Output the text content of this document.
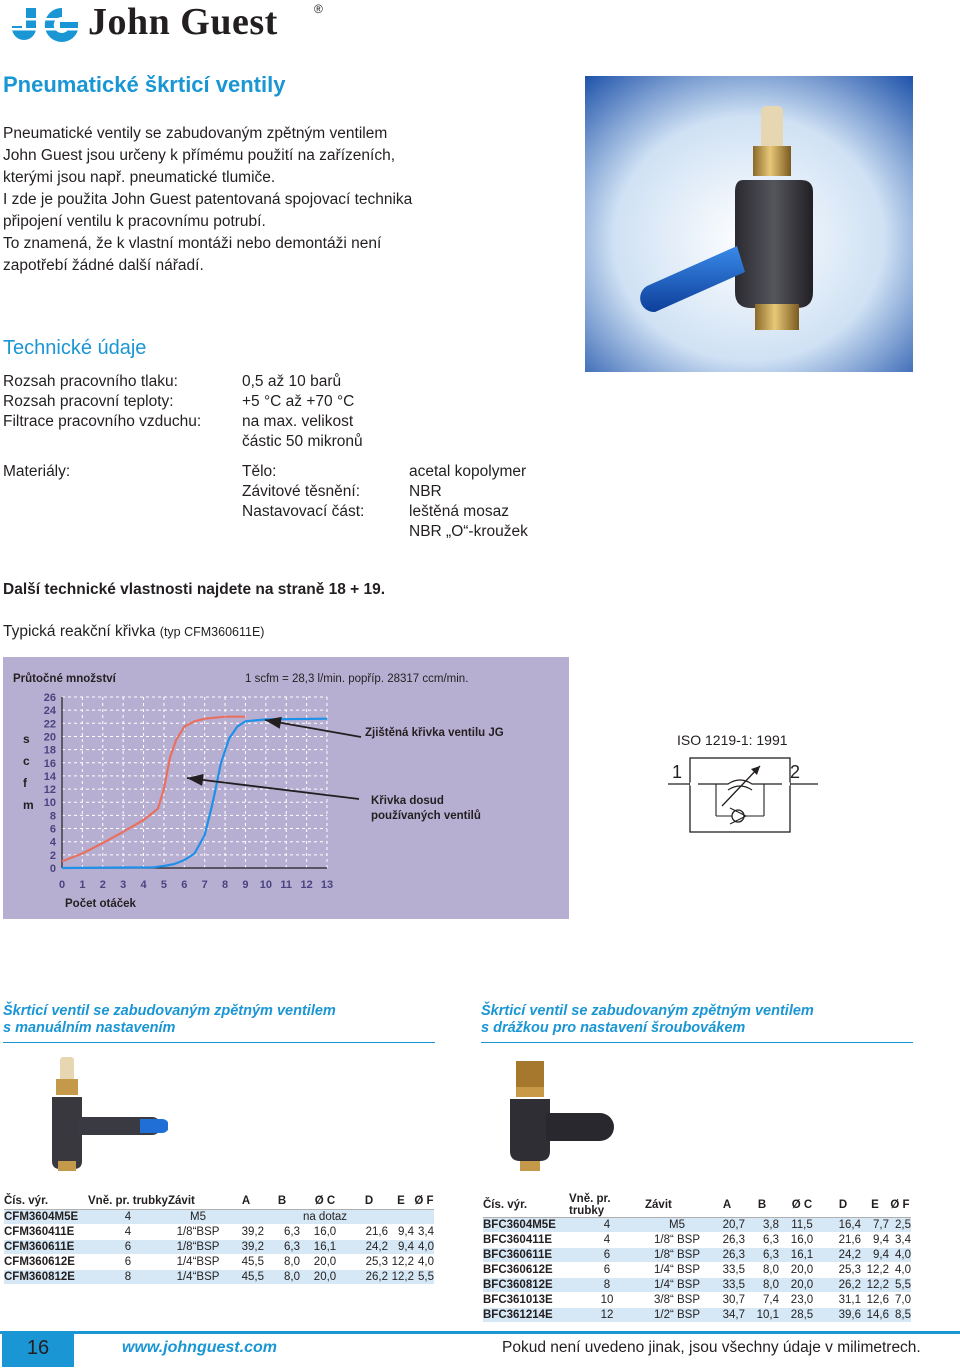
John Guest	®
Pneumatické škrticí ventily

Pneumatické ventily se zabudovaným zpětným ventilem

John Guest jsou určeny k přímému použití na zařízeních,

kterými jsou např. pneumatické tlumiče.

I zde je použita John Guest patentovaná spojovací technika

připojení ventilu k pracovnímu potrubí.

To znamená, že k vlastní montáži nebo demontáži není

zapotřebí žádné další nářadí.

Technické údaje
Rozsah pracovního tlaku:	0,5 až 10 barů
Rozsah pracovní teploty:	+5 °C až +70 °C
Filtrace pracovního vzduchu:	na max. velikost
částic 50 mikronů
Materiály:	Tělo:	acetal kopolymer
Závitové těsnění:	NBR
Nastavovací část:	leštěná mosaz
NBR „O“-kroužek
Další technické vlastnosti najdete na straně 18 + 19.
Typická reakční křivka (typ CFM360611E)
0
2
4
6
8
10
12
14
16
18
20
22
24
26
0 1 2 3 4 5 6 7 8 9 10 11 12 13
Průtočné množství	1 scfm = 28,3 l/min. popříp. 28317 ccm/min.
Počet otáček
s
c
f
m
Zjištěná křivka ventilu JG
Křivka dosud
používaných ventilů
ISO 1219-1: 1991
1	2
Škrticí ventil se zabudovaným zpětným ventilem
s manuálním nastavením
Škrticí ventil se zabudovaným zpětným ventilem
s drážkou pro nastavení šroubovákem
Čís. výr.	Vně. pr. trubky	Závit	A	B	Ø C	D	E	Ø F
CFM3604M5E	4	M5			na dotaz			
CFM360411E	4	1/8“BSP	39,2	6,3	16,0	21,6	9,4	3,4
CFM360611E	6	1/8“BSP	39,2	6,3	16,1	24,2	9,4	4,0
CFM360612E	6	1/4“BSP	45,5	8,0	20,0	25,3	12,2	4,0
CFM360812E	8	1/4“BSP	45,5	8,0	20,0	26,2	12,2	5,5
Čís. výr.	Vně. pr. trubky	Závit	A	B	Ø C	D	E	Ø F
BFC3604M5E	4	M5	20,7	3,8	11,5	16,4	7,7	2,5
BFC360411E	4	1/8“ BSP	26,3	6,3	16,0	21,6	9,4	3,4
BFC360611E	6	1/8“ BSP	26,3	6,3	16,1	24,2	9,4	4,0
BFC360612E	6	1/4“ BSP	33,5	8,0	20,0	25,3	12,2	4,0
BFC360812E	8	1/4“ BSP	33,5	8,0	20,0	26,2	12,2	5,5
BFC361013E	10	3/8“ BSP	30,7	7,4	23,0	31,1	12,6	7,0
BFC361214E	12	1/2“ BSP	34,7	10,1	28,5	39,6	14,6	8,5
16	www.johnguest.com	Pokud není uvedeno jinak, jsou všechny údaje v milimetrech.
